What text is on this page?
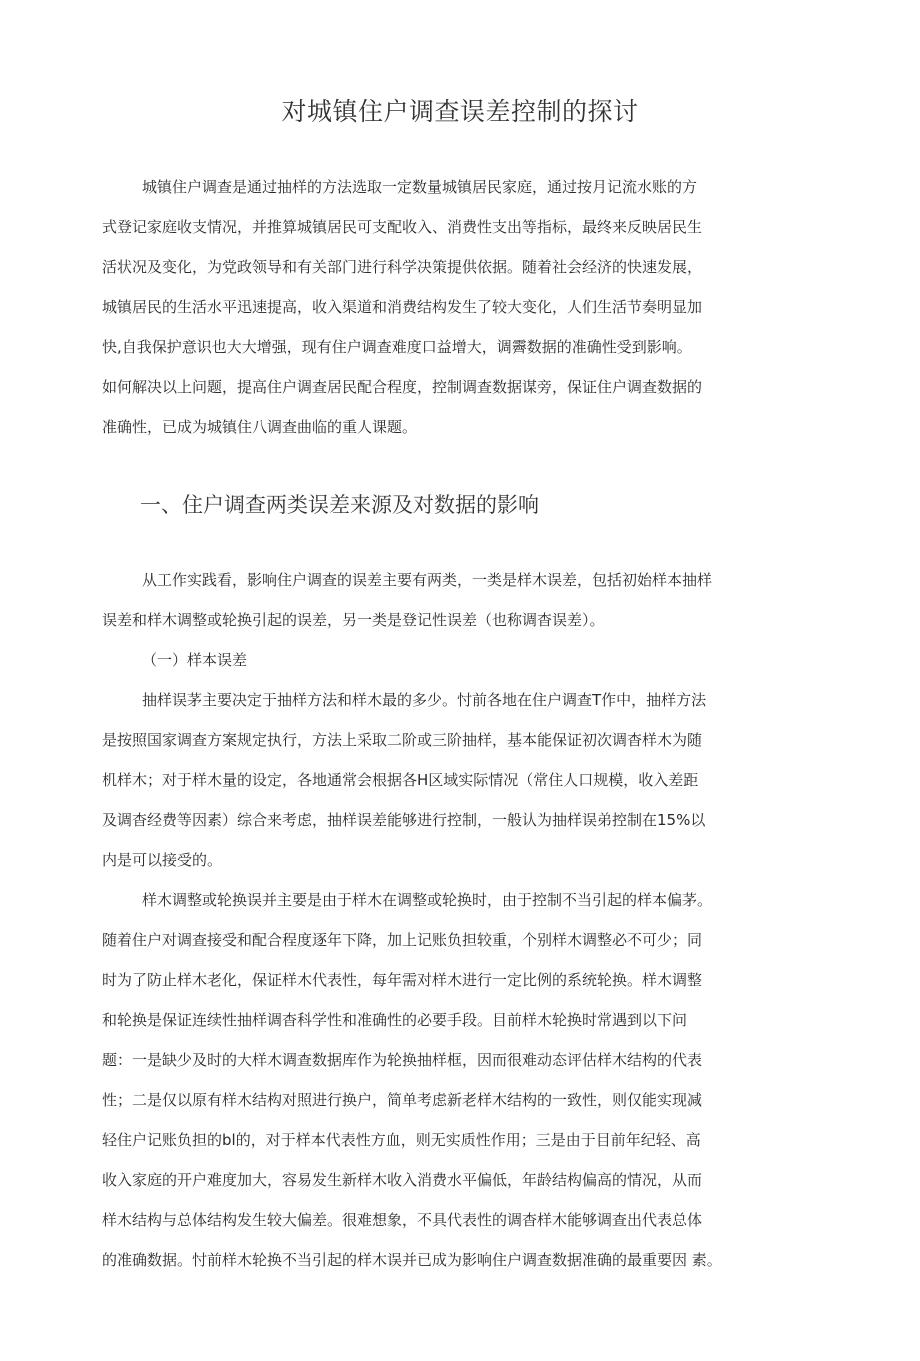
对城镇住户调查误差控制的探讨

城镇住户调查是通过抽样的方法选取一定数量城镇居民家庭，通过按月记流水账的方

式登记家庭收支情况，并推算城镇居民可支配收入、消费性支出等指标，最终来反映居民生

活状况及变化，为党政领导和有关部门进行科学决策提供依据。随着社会经济的快速发展，

城镇居民的生活水平迅速提高，收入渠道和消费结构发生了较大变化，人们生活节奏明显加

快,自我保护意识也大大增强，现有住户调查难度口益增大，调霽数据的准确性受到影响。

如何解决以上问题，提高住户调查居民配合程度，控制调查数据谋旁，保证住户调查数据的

准确性，已成为城镇住八调查曲临的重人课题。

一、住户调查两类误差来源及对数据的影响

从工作实践看，影响住户调查的误差主要有两类，一类是样木误差，包括初始样本抽样

误差和样木调整或轮换引起的误差，另一类是登记性误差（也称调杳误差）。

（一）样本误差

抽样误茅主要决定于抽样方法和样木最的多少。忖前各地在住户调查T作中，抽样方法

是按照国家调查方案规定执行，方法上采取二阶或三阶抽样，基本能保证初次调杳样木为随

机样木；对于样木量的设定，各地通常会根据各H区域实际情况（常住人口规模，收入差距

及调杳经费等因素）综合来考虑，抽样误差能够进行控制，一般认为抽样误弟控制在15%以

内是可以接受的。

样木调整或轮换误并主要是由于样木在调整或轮换时，由于控制不当引起的样本偏茅。

随着住户对调查接受和配合程度逐年下降，加上记账负担较重，个别样木调整必不可少；同

时为了防止样木老化，保证样木代表性，每年需对样木进行一定比例的系统轮换。样木调整

和轮换是保证连续性抽样调杳科学性和准确性的必要手段。目前样木轮换时常遇到以下问

题：一是缺少及时的大样木调查数据库作为轮换抽样框，因而很难动态评估样木结构的代表

性；二是仅以原有样木结构对照进行换户，简单考虑新老样木结构的一致性，则仅能实现减

轻住户记账负担的bl的，对于样本代表性方血，则无实质性作用；三是由于目前年纪轻、高

收入家庭的开户难度加大，容易发生新样木收入消费水平偏低，年龄结构偏高的情况，从而

样木结构与总体结构发生较大偏差。很难想象，不具代表性的调杳样木能够调查出代表总体

的准确数据。忖前样木轮换不当引起的样木误并已成为影响住户调查数据准确的最重要因 素。
